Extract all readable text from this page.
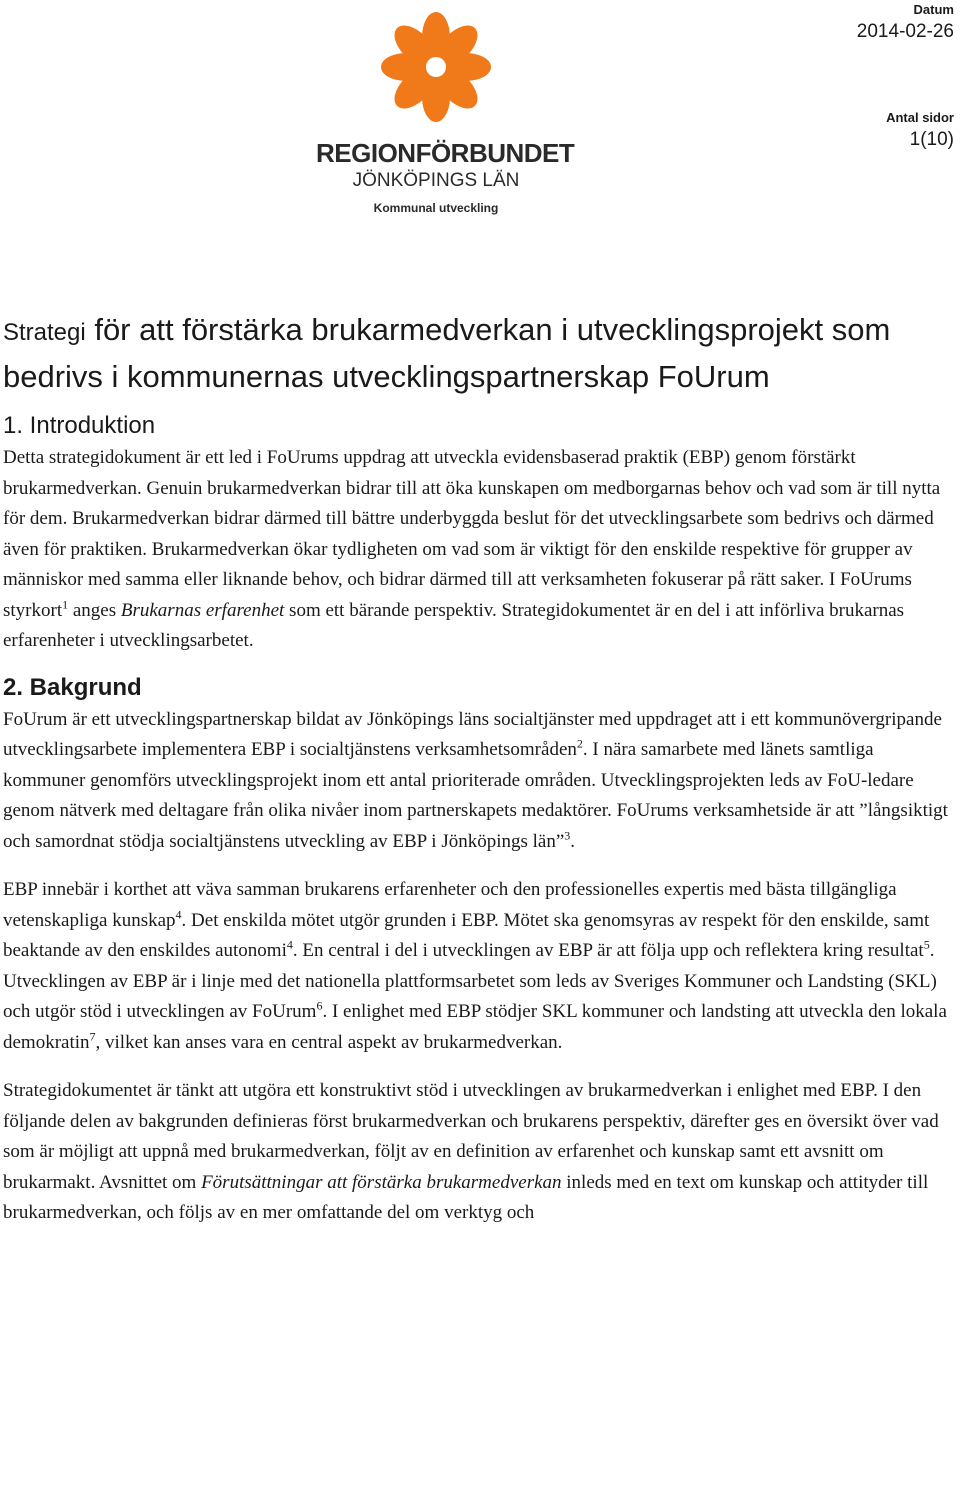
Datum
2014-02-26
Antal sidor
1(10)
REGIONFÖRBUNDET
JÖNKÖPINGS LÄN
Kommunal utveckling
Strategi för att förstärka brukarmedverkan i utvecklingsprojekt som bedrivs i kommunernas utvecklingspartnerskap FoUrum
1. Introduktion

Detta strategidokument är ett led i FoUrums uppdrag att utveckla evidensbaserad praktik (EBP) genom förstärkt brukarmedverkan. Genuin brukarmedverkan bidrar till att öka kunskapen om medborgarnas behov och vad som är till nytta för dem. Brukarmedverkan bidrar därmed till bättre underbyggda beslut för det utvecklingsarbete som bedrivs och därmed även för praktiken. Brukarmedverkan ökar tydligheten om vad som är viktigt för den enskilde respektive för grupper av människor med samma eller liknande behov, och bidrar därmed till att verksamheten fokuserar på rätt saker. I FoUrums styrkort$^1$ anges Brukarnas erfarenhet som ett bärande perspektiv. Strategidokumentet är en del i att införliva brukarnas erfarenheter i utvecklingsarbetet.

2. Bakgrund

FoUrum är ett utvecklingspartnerskap bildat av Jönköpings läns socialtjänster med uppdraget att i ett kommunövergripande utvecklingsarbete implementera EBP i socialtjänstens verksamhetsområden$^2$. I nära samarbete med länets samtliga kommuner genomförs utvecklingsprojekt inom ett antal prioriterade områden. Utvecklingsprojekten leds av FoU-ledare genom nätverk med deltagare från olika nivåer inom partnerskapets medaktörer. FoUrums verksamhetside är att ”långsiktigt och samordnat stödja socialtjänstens utveckling av EBP i Jönköpings län”$^3$.

EBP innebär i korthet att väva samman brukarens erfarenheter och den professionelles expertis med bästa tillgängliga vetenskapliga kunskap$^4$. Det enskilda mötet utgör grunden i EBP. Mötet ska genomsyras av respekt för den enskilde, samt beaktande av den enskildes autonomi$^4$. En central i del i utvecklingen av EBP är att följa upp och reflektera kring resultat$^5$. Utvecklingen av EBP är i linje med det nationella plattformsarbetet som leds av Sveriges Kommuner och Landsting (SKL) och utgör stöd i utvecklingen av FoUrum$^6$. I enlighet med EBP stödjer SKL kommuner och landsting att utveckla den lokala demokratin$^7$, vilket kan anses vara en central aspekt av brukarmedverkan.

Strategidokumentet är tänkt att utgöra ett konstruktivt stöd i utvecklingen av brukarmedverkan i enlighet med EBP. I den följande delen av bakgrunden definieras först brukarmedverkan och brukarens perspektiv, därefter ges en översikt över vad som är möjligt att uppnå med brukarmedverkan, följt av en definition av erfarenhet och kunskap samt ett avsnitt om brukarmakt. Avsnittet om Förutsättningar att förstärka brukarmedverkan inleds med en text om kunskap och attityder till brukarmedverkan, och följs av en mer omfattande del om verktyg och
